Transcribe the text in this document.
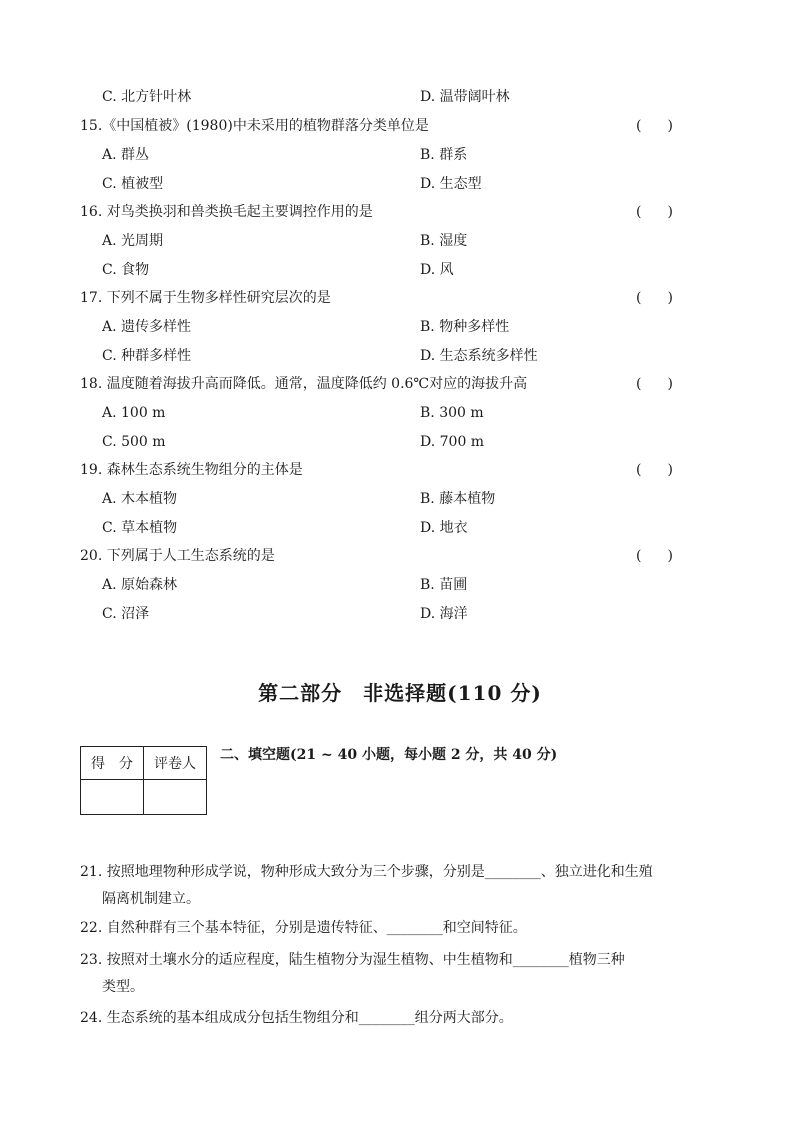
C. 北方针叶林	D. 温带阔叶林
15.《中国植被》(1980)中未采用的植物群落分类单位是	( )
A. 群丛	B. 群系
C. 植被型	D. 生态型
16. 对鸟类换羽和兽类换毛起主要调控作用的是	( )
A. 光周期	B. 湿度
C. 食物	D. 风
17. 下列不属于生物多样性研究层次的是	( )
A. 遗传多样性	B. 物种多样性
C. 种群多样性	D. 生态系统多样性
18. 温度随着海拔升高而降低。通常，温度降低约 0.6℃对应的海拔升高	( )
A. 100 m	B. 300 m
C. 500 m	D. 700 m
19. 森林生态系统生物组分的主体是	( )
A. 木本植物	B. 藤本植物
C. 草本植物	D. 地衣
20. 下列属于人工生态系统的是	( )
A. 原始森林	B. 苗圃
C. 沼泽	D. 海洋
第二部分　非选择题(110 分)
得　分	评卷人

二、填空题(21 ~ 40 小题，每小题 2 分，共 40 分)
21. 按照地理物种形成学说，物种形成大致分为三个步骤，分别是________、独立进化和生殖
隔离机制建立。
22. 自然种群有三个基本特征，分别是遗传特征、________和空间特征。
23. 按照对土壤水分的适应程度，陆生植物分为湿生植物、中生植物和________植物三种
类型。
24. 生态系统的基本组成成分包括生物组分和________组分两大部分。
